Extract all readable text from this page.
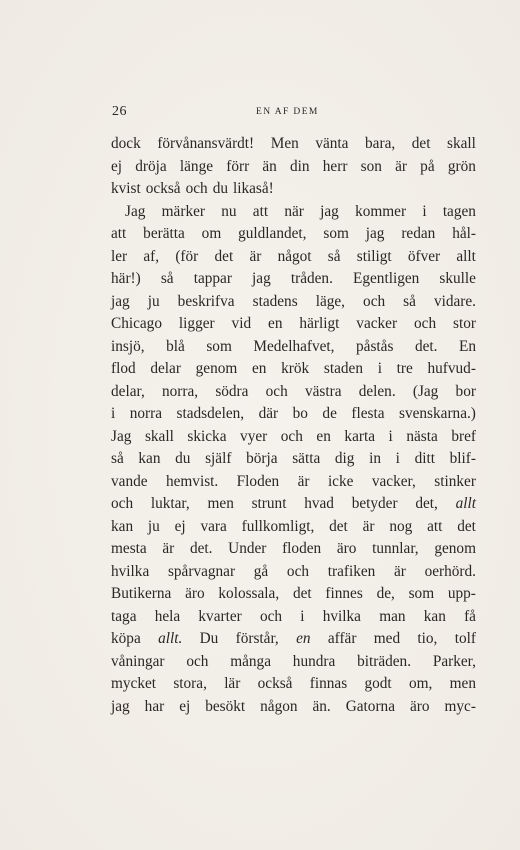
26	EN AF DEM
dock förvånansvärdt! Men vänta bara, det skall
ej dröja länge förr än din herr son är på grön
kvist också och du likaså!
Jag märker nu att när jag kommer i tagen
att berätta om guldlandet, som jag redan hål-
ler af, (för det är något så stiligt öfver allt
här!) så tappar jag tråden. Egentligen skulle
jag ju beskrifva stadens läge, och så vidare.
Chicago ligger vid en härligt vacker och stor
insjö, blå som Medelhafvet, påstås det. En
flod delar genom en krök staden i tre hufvud-
delar, norra, södra och västra delen. (Jag bor
i norra stadsdelen, där bo de flesta svenskarna.)
Jag skall skicka vyer och en karta i nästa bref
så kan du själf börja sätta dig in i ditt blif-
vande hemvist. Floden är icke vacker, stinker
och luktar, men strunt hvad betyder det, allt
kan ju ej vara fullkomligt, det är nog att det
mesta är det. Under floden äro tunnlar, genom
hvilka spårvagnar gå och trafiken är oerhörd.
Butikerna äro kolossala, det finnes de, som upp-
taga hela kvarter och i hvilka man kan få
köpa allt. Du förstår, en affär med tio, tolf
våningar och många hundra biträden. Parker,
mycket stora, lär också finnas godt om, men
jag har ej besökt någon än. Gatorna äro myc-
